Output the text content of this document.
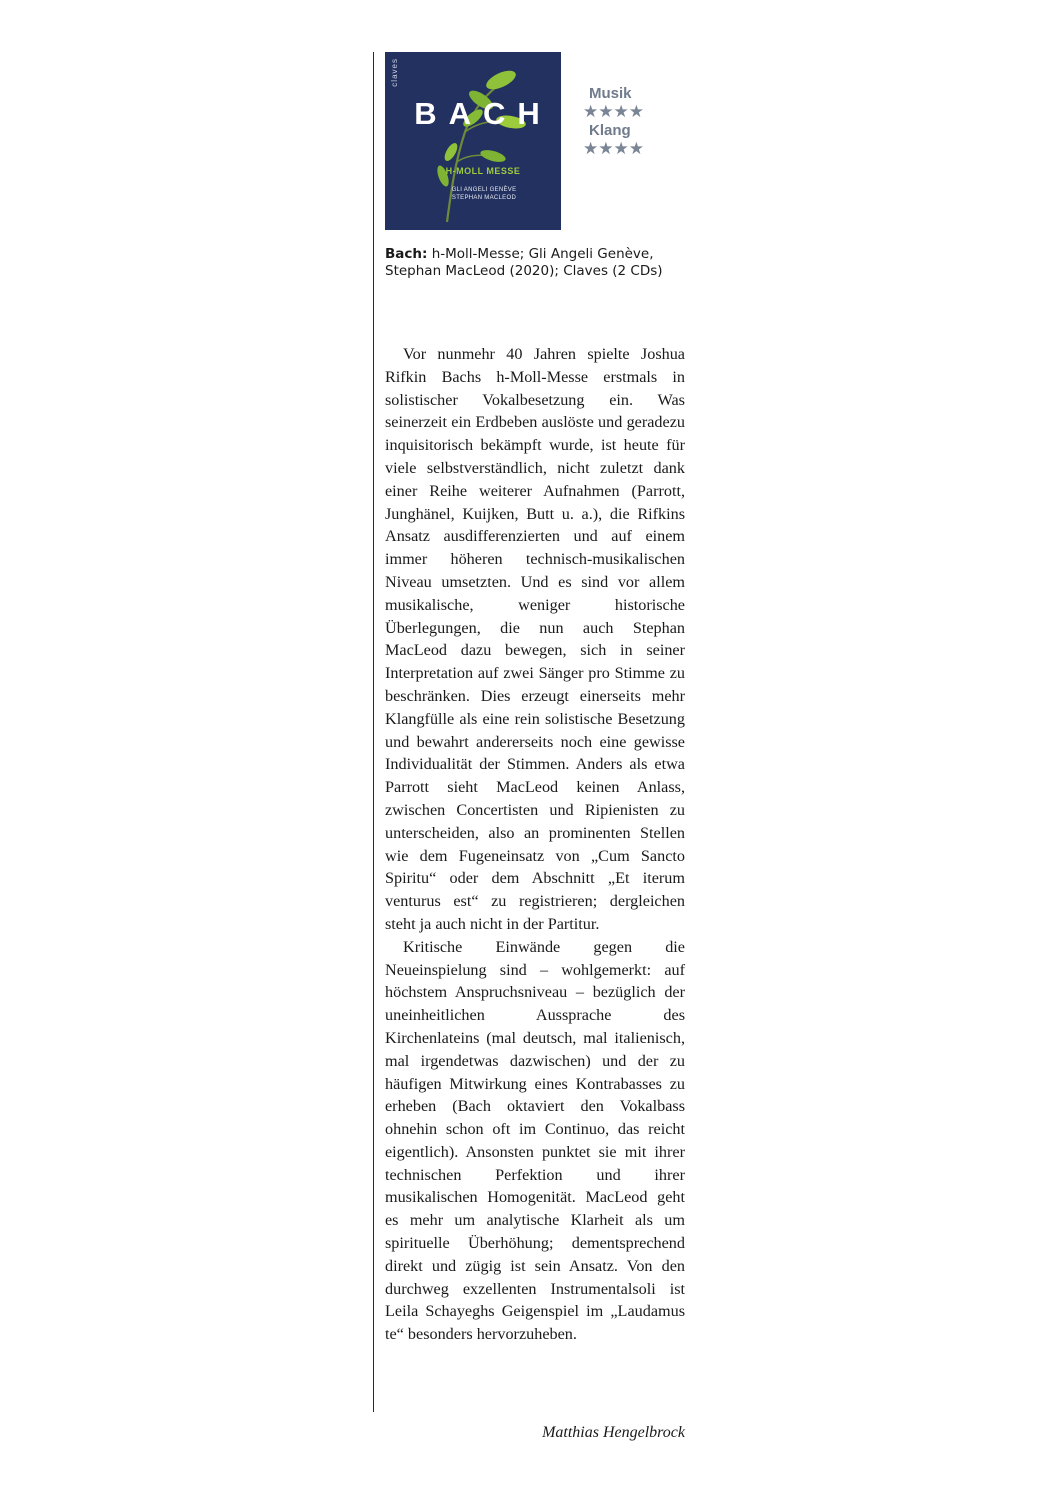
claves
BACH
H-MOLL MESSE
GLI ANGELI GENÈVE
STEPHAN MACLEOD
Musik
★★★★
Klang
★★★★
Bach: h-Moll-Messe; Gli Angeli Genève, Stephan MacLeod (2020); Claves (2 CDs)

Vor nunmehr 40 Jahren spielte Joshua Rifkin Bachs h-Moll-Messe erstmals in solistischer Vokalbesetzung ein. Was seinerzeit ein Erdbeben auslöste und geradezu inquisitorisch bekämpft wurde, ist heute für viele selbstverständlich, nicht zuletzt dank einer Reihe weiterer Aufnahmen (Parrott, Junghänel, Kuijken, Butt u. a.), die Rifkins Ansatz ausdifferenzierten und auf einem immer höheren technisch-musikalischen Niveau umsetzten. Und es sind vor allem musikalische, weniger historische Überlegungen, die nun auch Stephan MacLeod dazu bewegen, sich in seiner Interpretation auf zwei Sänger pro Stimme zu beschränken. Dies erzeugt einerseits mehr Klangfülle als eine rein solistische Besetzung und bewahrt andererseits noch eine gewisse Individualität der Stimmen. Anders als etwa Parrott sieht MacLeod keinen Anlass, zwischen Concertisten und Ripienisten zu unterscheiden, also an prominenten Stellen wie dem Fugeneinsatz von „Cum Sancto Spiritu“ oder dem Abschnitt „Et iterum venturus est“ zu registrieren; dergleichen steht ja auch nicht in der Partitur.

Kritische Einwände gegen die Neueinspielung sind – wohlgemerkt: auf höchstem Anspruchsniveau – bezüglich der uneinheitlichen Aussprache des Kirchenlateins (mal deutsch, mal italienisch, mal irgendetwas dazwischen) und der zu häufigen Mitwirkung eines Kontrabasses zu erheben (Bach oktaviert den Vokalbass ohnehin schon oft im Continuo, das reicht eigentlich). Ansonsten punktet sie mit ihrer technischen Perfektion und ihrer musikalischen Homogenität. MacLeod geht es mehr um analytische Klarheit als um spirituelle Überhöhung; dementsprechend direkt und zügig ist sein Ansatz. Von den durchweg exzellenten Instrumentalsoli ist Leila Schayeghs Geigenspiel im „Laudamus te“ besonders hervorzuheben.

Matthias Hengelbrock
